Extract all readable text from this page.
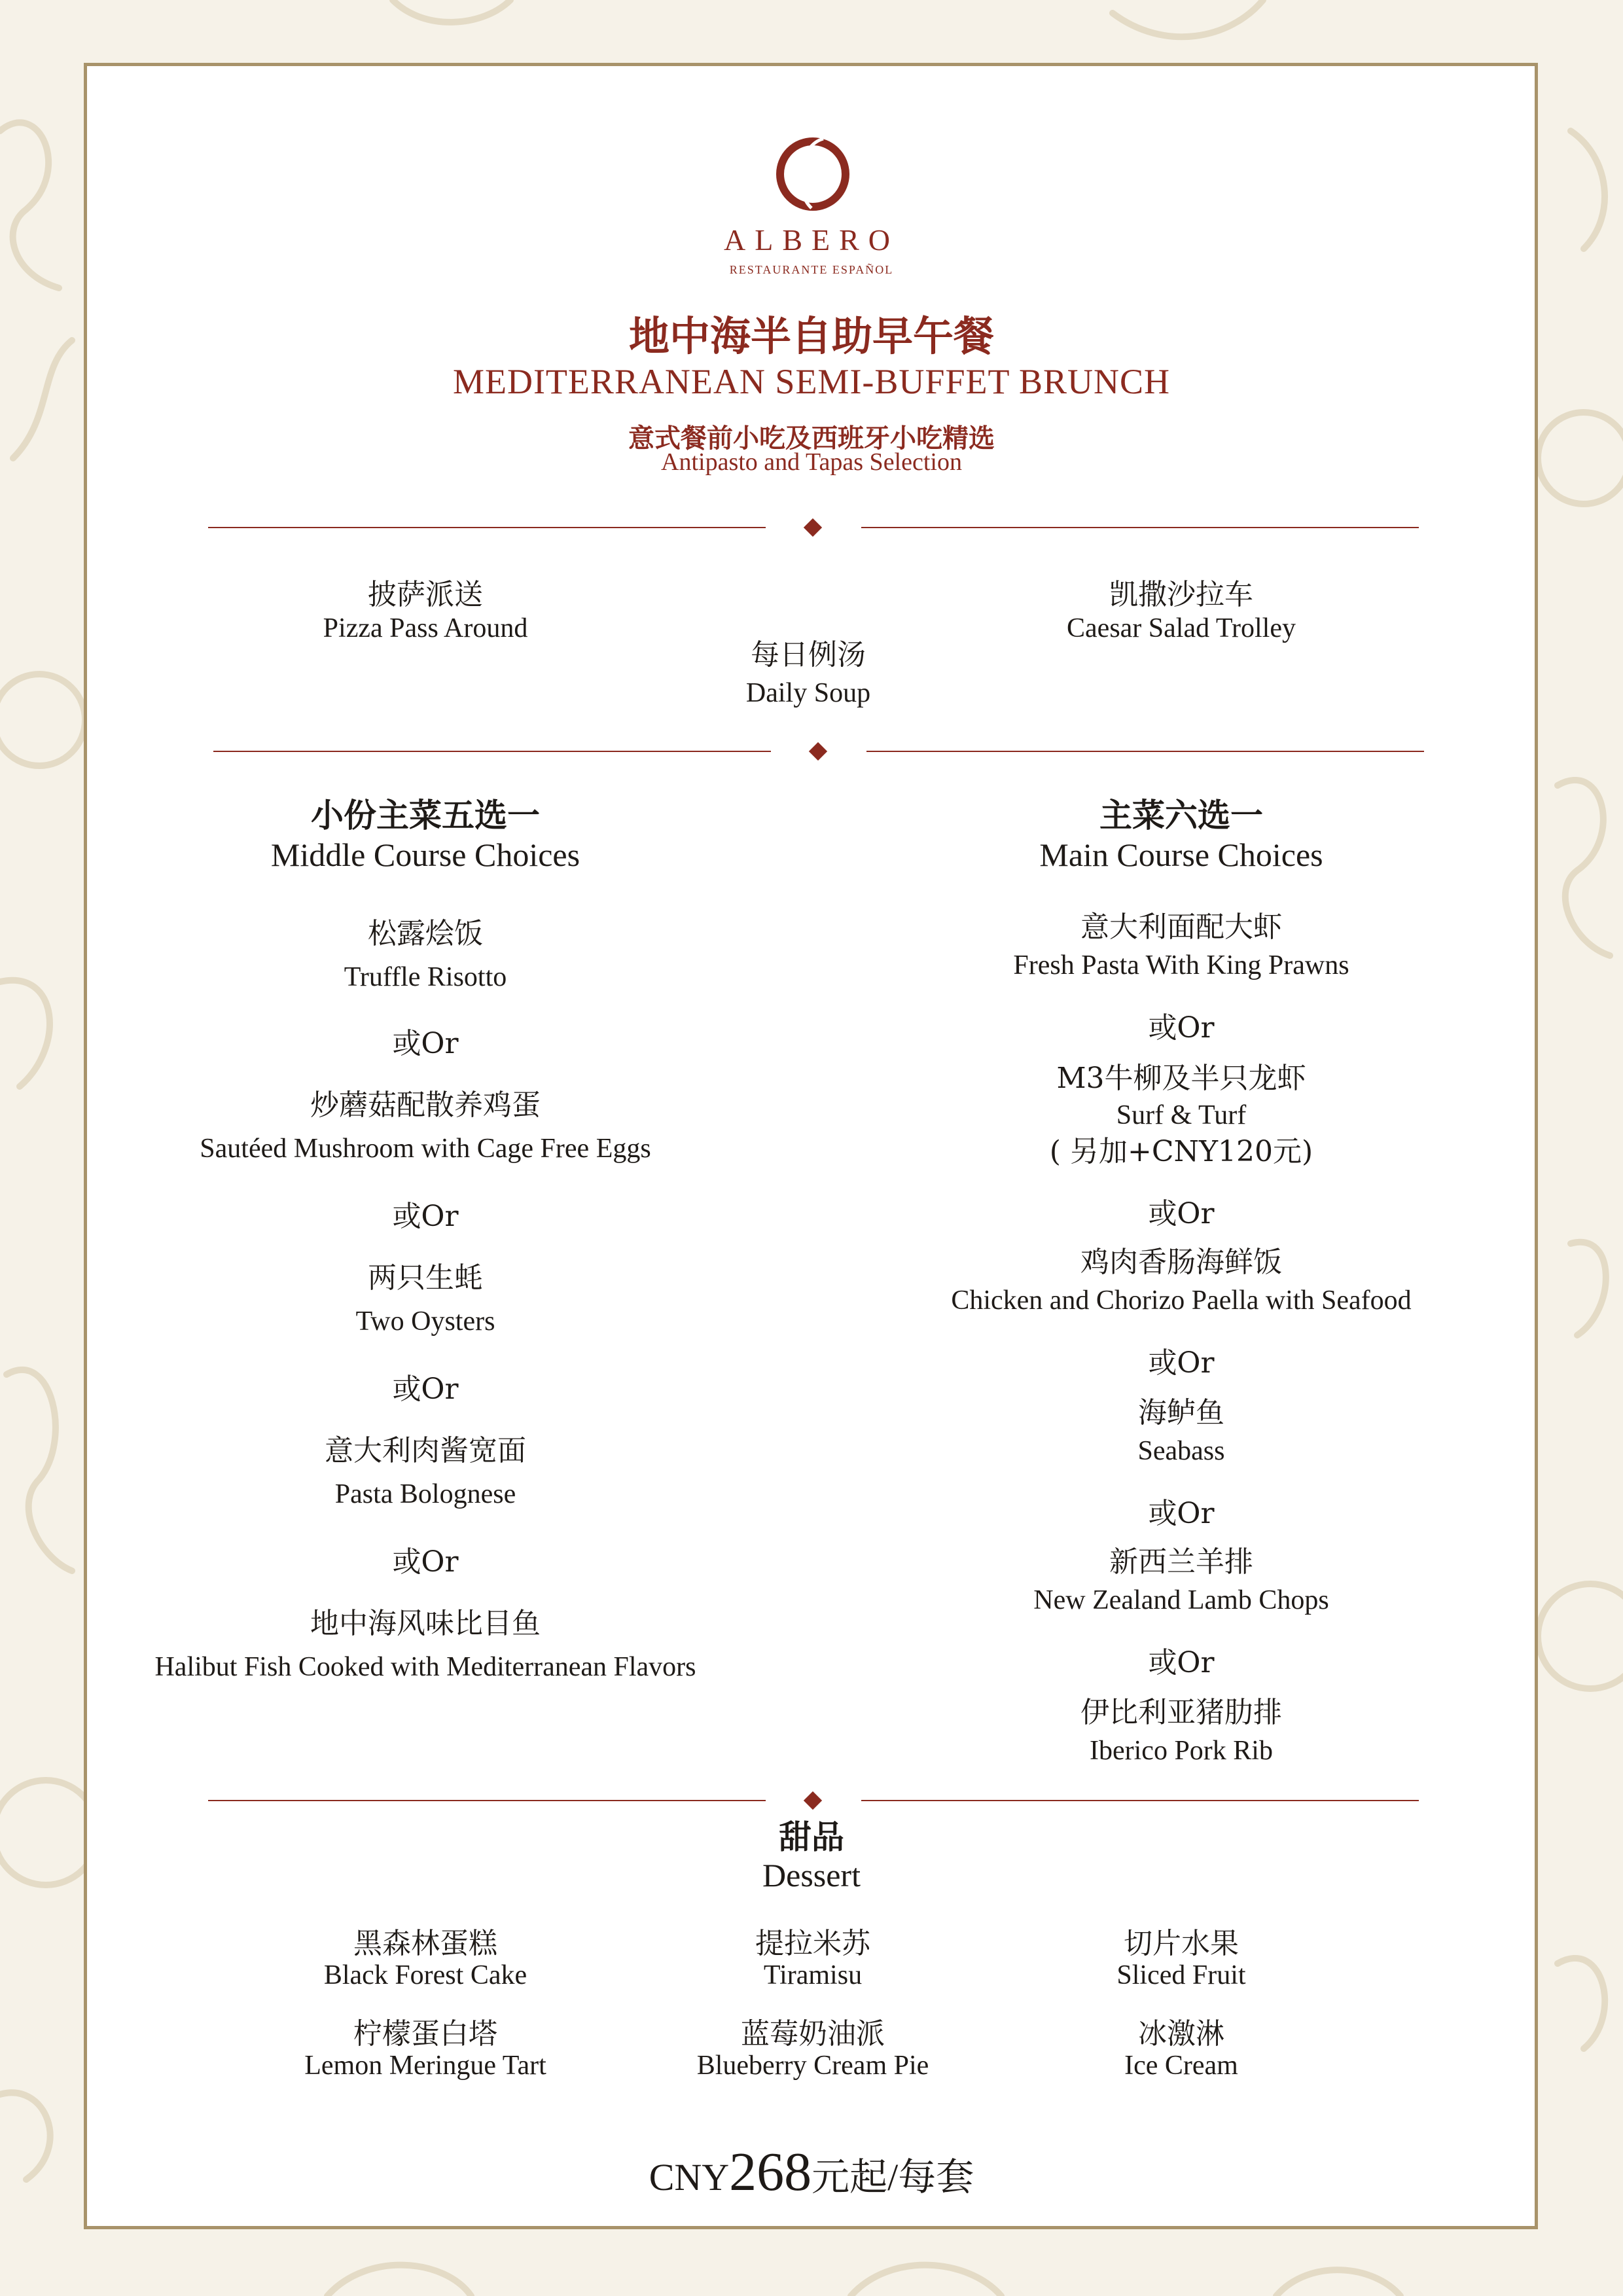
ALBERO
RESTAURANTE ESPAÑOL
地中海半自助早午餐
MEDITERRANEAN SEMI-BUFFET BRUNCH
意式餐前小吃及西班牙小吃精选
Antipasto and Tapas Selection
披萨派送
Pizza Pass Around
凯撒沙拉车
Caesar Salad Trolley
每日例汤
Daily Soup
小份主菜五选一
Middle Course Choices
松露烩饭
Truffle Risotto
或Or
炒蘑菇配散养鸡蛋
Sautéed Mushroom with Cage Free Eggs
或Or
两只生蚝
Two Oysters
或Or
意大利肉酱宽面
Pasta Bolognese
或Or
地中海风味比目鱼
Halibut Fish Cooked with Mediterranean Flavors
主菜六选一
Main Course Choices
意大利面配大虾
Fresh Pasta With King Prawns
或Or
M3牛柳及半只龙虾
Surf & Turf
( 另加+CNY120元)
或Or
鸡肉香肠海鲜饭
Chicken and Chorizo Paella with Seafood
或Or
海鲈鱼
Seabass
或Or
新西兰羊排
New Zealand Lamb Chops
或Or
伊比利亚猪肋排
Iberico Pork Rib
甜品
Dessert
黑森林蛋糕
Black Forest Cake
提拉米苏
Tiramisu
切片水果
Sliced Fruit
柠檬蛋白塔
Lemon Meringue Tart
蓝莓奶油派
Blueberry Cream Pie
冰激淋
Ice Cream
CNY268元起/每套
